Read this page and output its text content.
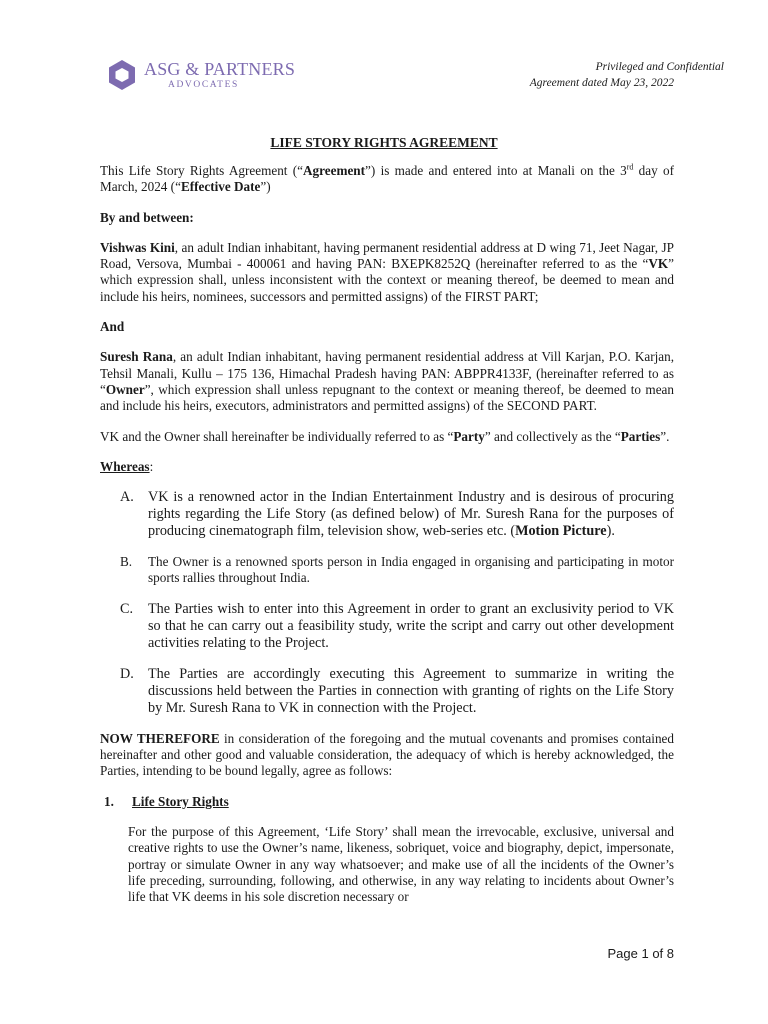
ASG & PARTNERS
ADVOCATES
Privileged and Confidential
Agreement dated May 23, 2022
LIFE STORY RIGHTS AGREEMENT

This Life Story Rights Agreement (“Agreement”) is made and entered into at Manali on the 3rd day of March, 2024 (“Effective Date”)

By and between:

Vishwas Kini, an adult Indian inhabitant, having permanent residential address at D wing 71, Jeet Nagar, JP Road, Versova, Mumbai - 400061 and having PAN: BXEPK8252Q (hereinafter referred to as the “VK” which expression shall, unless inconsistent with the context or meaning thereof, be deemed to mean and include his heirs, nominees, successors and permitted assigns) of the FIRST PART;

And

Suresh Rana, an adult Indian inhabitant, having permanent residential address at Vill Karjan, P.O. Karjan, Tehsil Manali, Kullu – 175 136, Himachal Pradesh having PAN: ABPPR4133F, (hereinafter referred to as “Owner”, which expression shall unless repugnant to the context or meaning thereof, be deemed to mean and include his heirs, executors, administrators and permitted assigns) of the SECOND PART.

VK and the Owner shall hereinafter be individually referred to as “Party” and collectively as the “Parties”.

Whereas:

A.	VK is a renowned actor in the Indian Entertainment Industry and is desirous of procuring rights regarding the Life Story (as defined below) of Mr. Suresh Rana for the purposes of producing cinematograph film, television show, web-series etc. (Motion Picture).
B.	The Owner is a renowned sports person in India engaged in organising and participating in motor sports rallies throughout India.
C.	The Parties wish to enter into this Agreement in order to grant an exclusivity period to VK so that he can carry out a feasibility study, write the script and carry out other development activities relating to the Project.
D.	The Parties are accordingly executing this Agreement to summarize in writing the discussions held between the Parties in connection with granting of rights on the Life Story by Mr. Suresh Rana to VK in connection with the Project.

NOW THEREFORE in consideration of the foregoing and the mutual covenants and promises contained hereinafter and other good and valuable consideration, the adequacy of which is hereby acknowledged, the Parties, intending to be bound legally, agree as follows:

1.	Life Story Rights

For the purpose of this Agreement, ‘Life Story’ shall mean the irrevocable, exclusive, universal and creative rights to use the Owner’s name, likeness, sobriquet, voice and biography, depict, impersonate, portray or simulate Owner in any way whatsoever; and make use of all the incidents of the Owner’s life preceding, surrounding, following, and otherwise, in any way relating to incidents about Owner’s life that VK deems in his sole discretion necessary or

Page 1 of 8
